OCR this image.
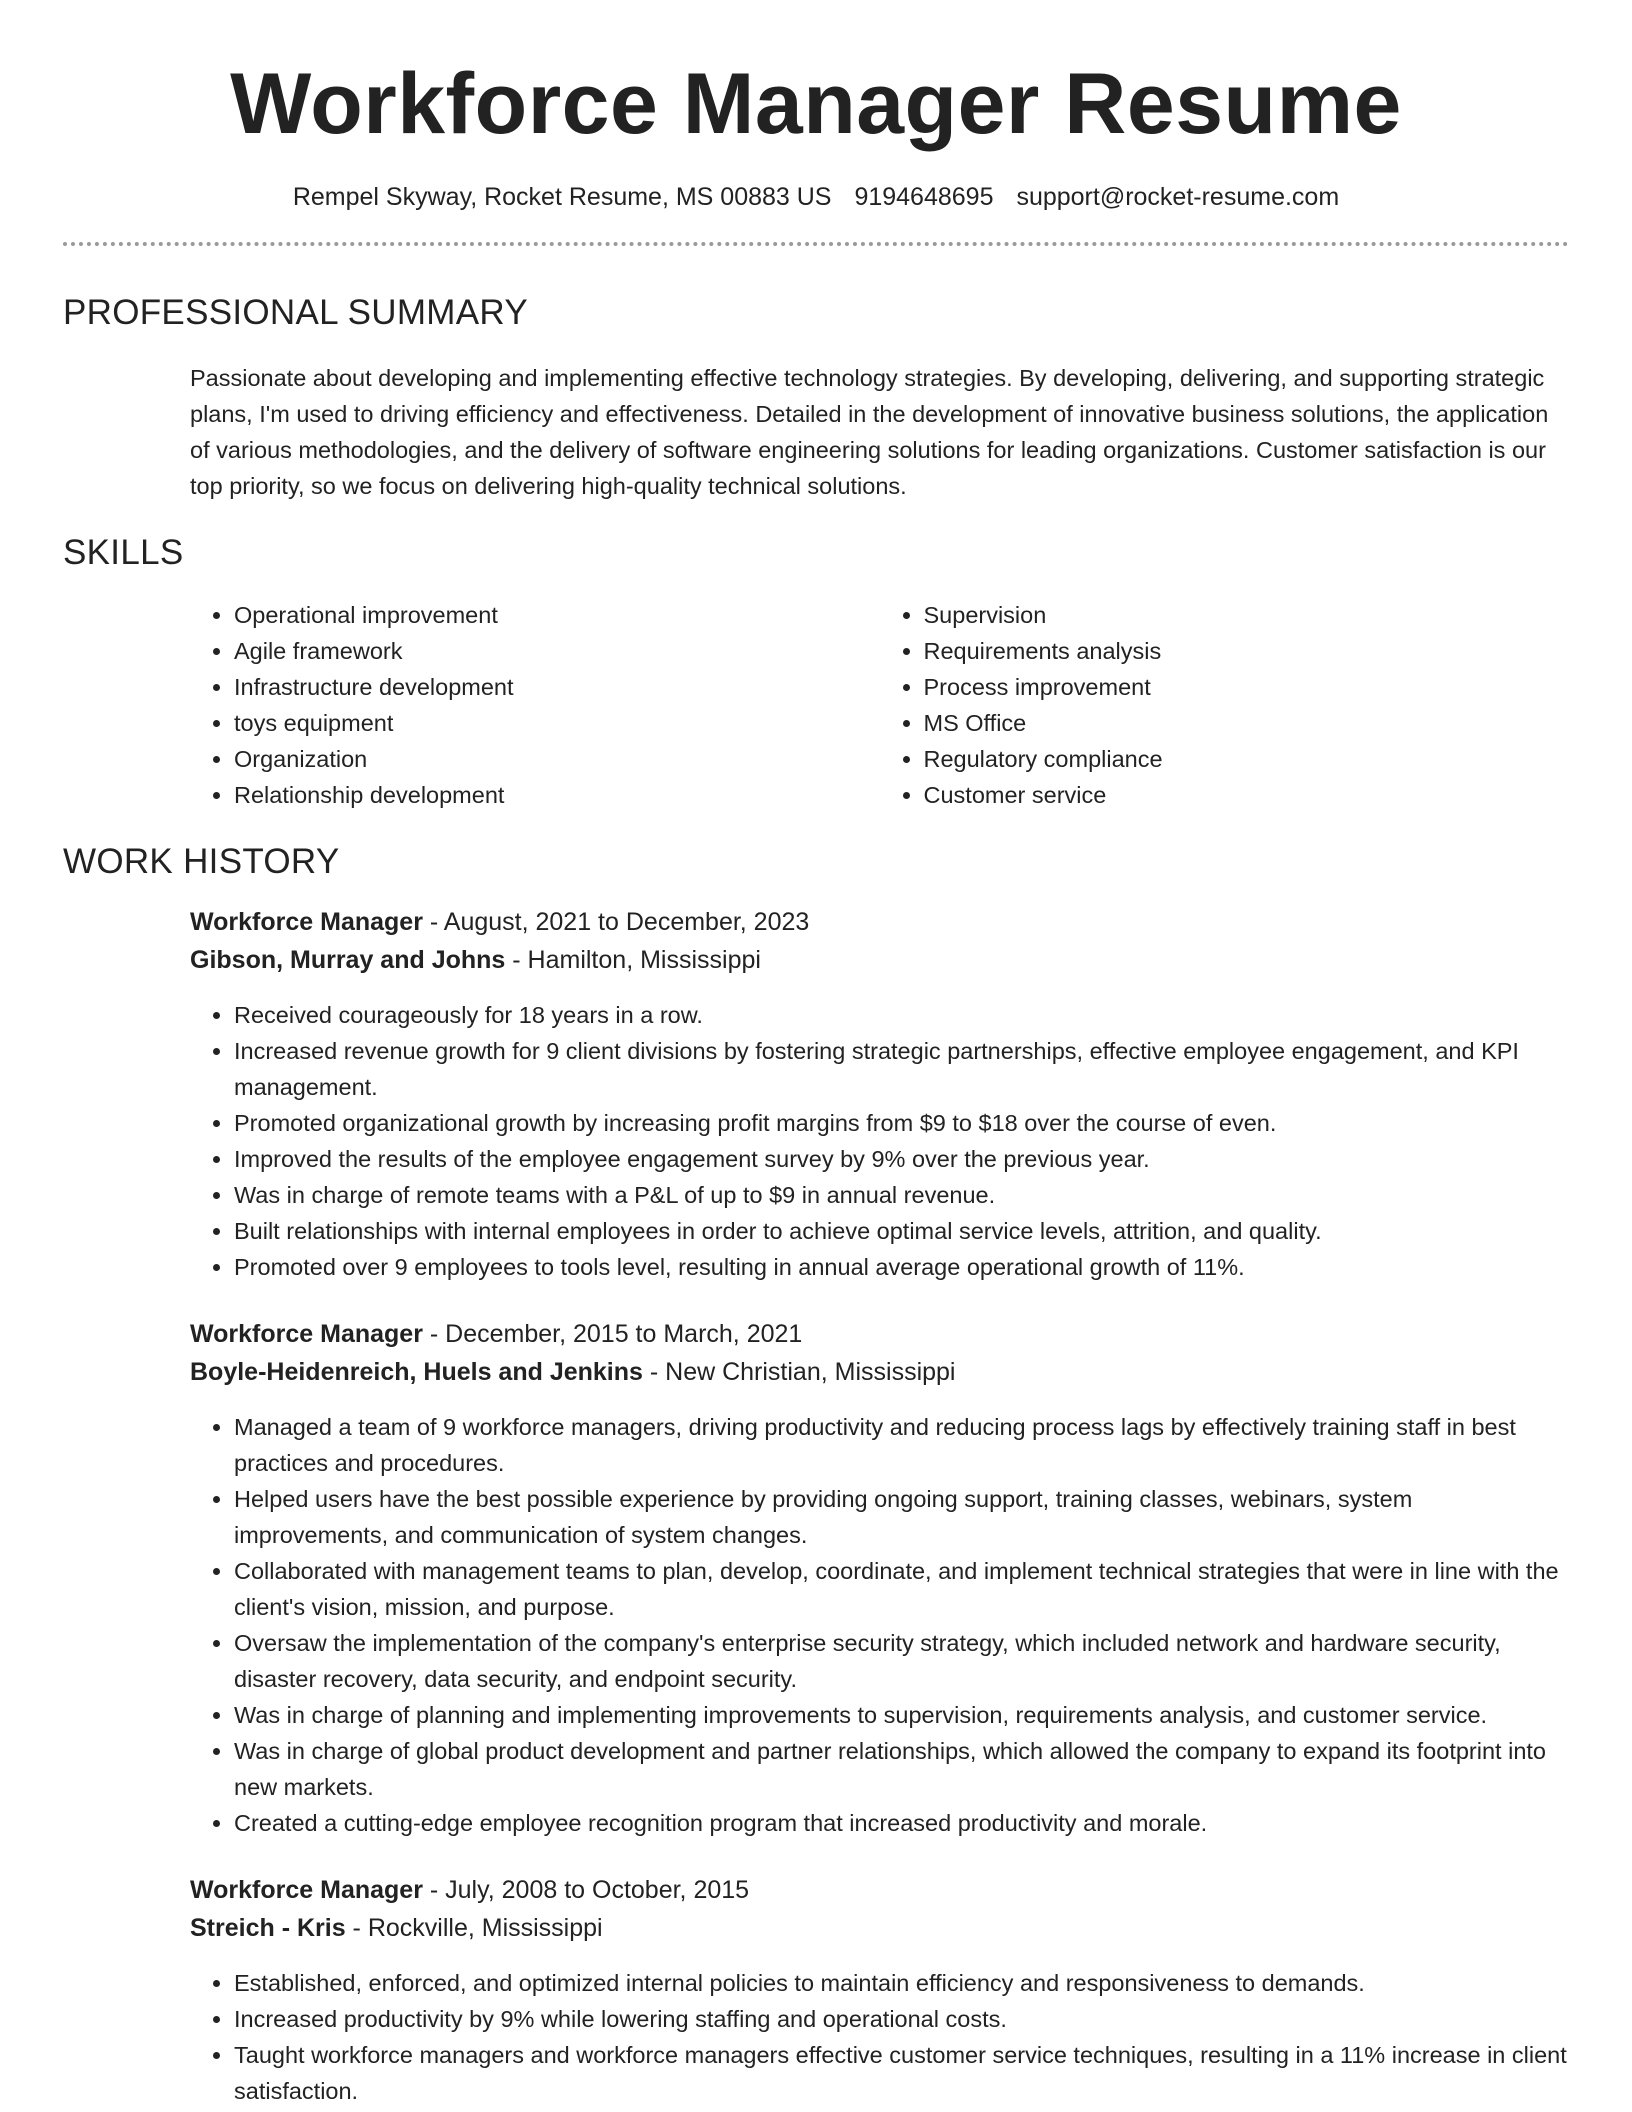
Workforce Manager Resume
Rempel Skyway, Rocket Resume, MS 00883 US 9194648695 support@rocket-resume.com
PROFESSIONAL SUMMARY
Passionate about developing and implementing effective technology strategies. By developing, delivering, and supporting strategic plans, I'm used to driving efficiency and effectiveness. Detailed in the development of innovative business solutions, the application of various methodologies, and the delivery of software engineering solutions for leading organizations. Customer satisfaction is our top priority, so we focus on delivering high-quality technical solutions.
SKILLS
• Operational improvement
• Agile framework
• Infrastructure development
• toys equipment
• Organization
• Relationship development
• Supervision
• Requirements analysis
• Process improvement
• MS Office
• Regulatory compliance
• Customer service
WORK HISTORY
Workforce Manager - August, 2021 to December, 2023
Gibson, Murray and Johns - Hamilton, Mississippi
• Received courageously for 18 years in a row.
• Increased revenue growth for 9 client divisions by fostering strategic partnerships, effective employee engagement, and KPI management.
• Promoted organizational growth by increasing profit margins from $9 to $18 over the course of even.
• Improved the results of the employee engagement survey by 9% over the previous year.
• Was in charge of remote teams with a P&L of up to $9 in annual revenue.
• Built relationships with internal employees in order to achieve optimal service levels, attrition, and quality.
• Promoted over 9 employees to tools level, resulting in annual average operational growth of 11%.
Workforce Manager - December, 2015 to March, 2021
Boyle-Heidenreich, Huels and Jenkins - New Christian, Mississippi
• Managed a team of 9 workforce managers, driving productivity and reducing process lags by effectively training staff in best practices and procedures.
• Helped users have the best possible experience by providing ongoing support, training classes, webinars, system improvements, and communication of system changes.
• Collaborated with management teams to plan, develop, coordinate, and implement technical strategies that were in line with the client's vision, mission, and purpose.
• Oversaw the implementation of the company's enterprise security strategy, which included network and hardware security, disaster recovery, data security, and endpoint security.
• Was in charge of planning and implementing improvements to supervision, requirements analysis, and customer service.
• Was in charge of global product development and partner relationships, which allowed the company to expand its footprint into new markets.
• Created a cutting-edge employee recognition program that increased productivity and morale.
Workforce Manager - July, 2008 to October, 2015
Streich - Kris - Rockville, Mississippi
• Established, enforced, and optimized internal policies to maintain efficiency and responsiveness to demands.
• Increased productivity by 9% while lowering staffing and operational costs.
• Taught workforce managers and workforce managers effective customer service techniques, resulting in a 11% increase in client satisfaction.
